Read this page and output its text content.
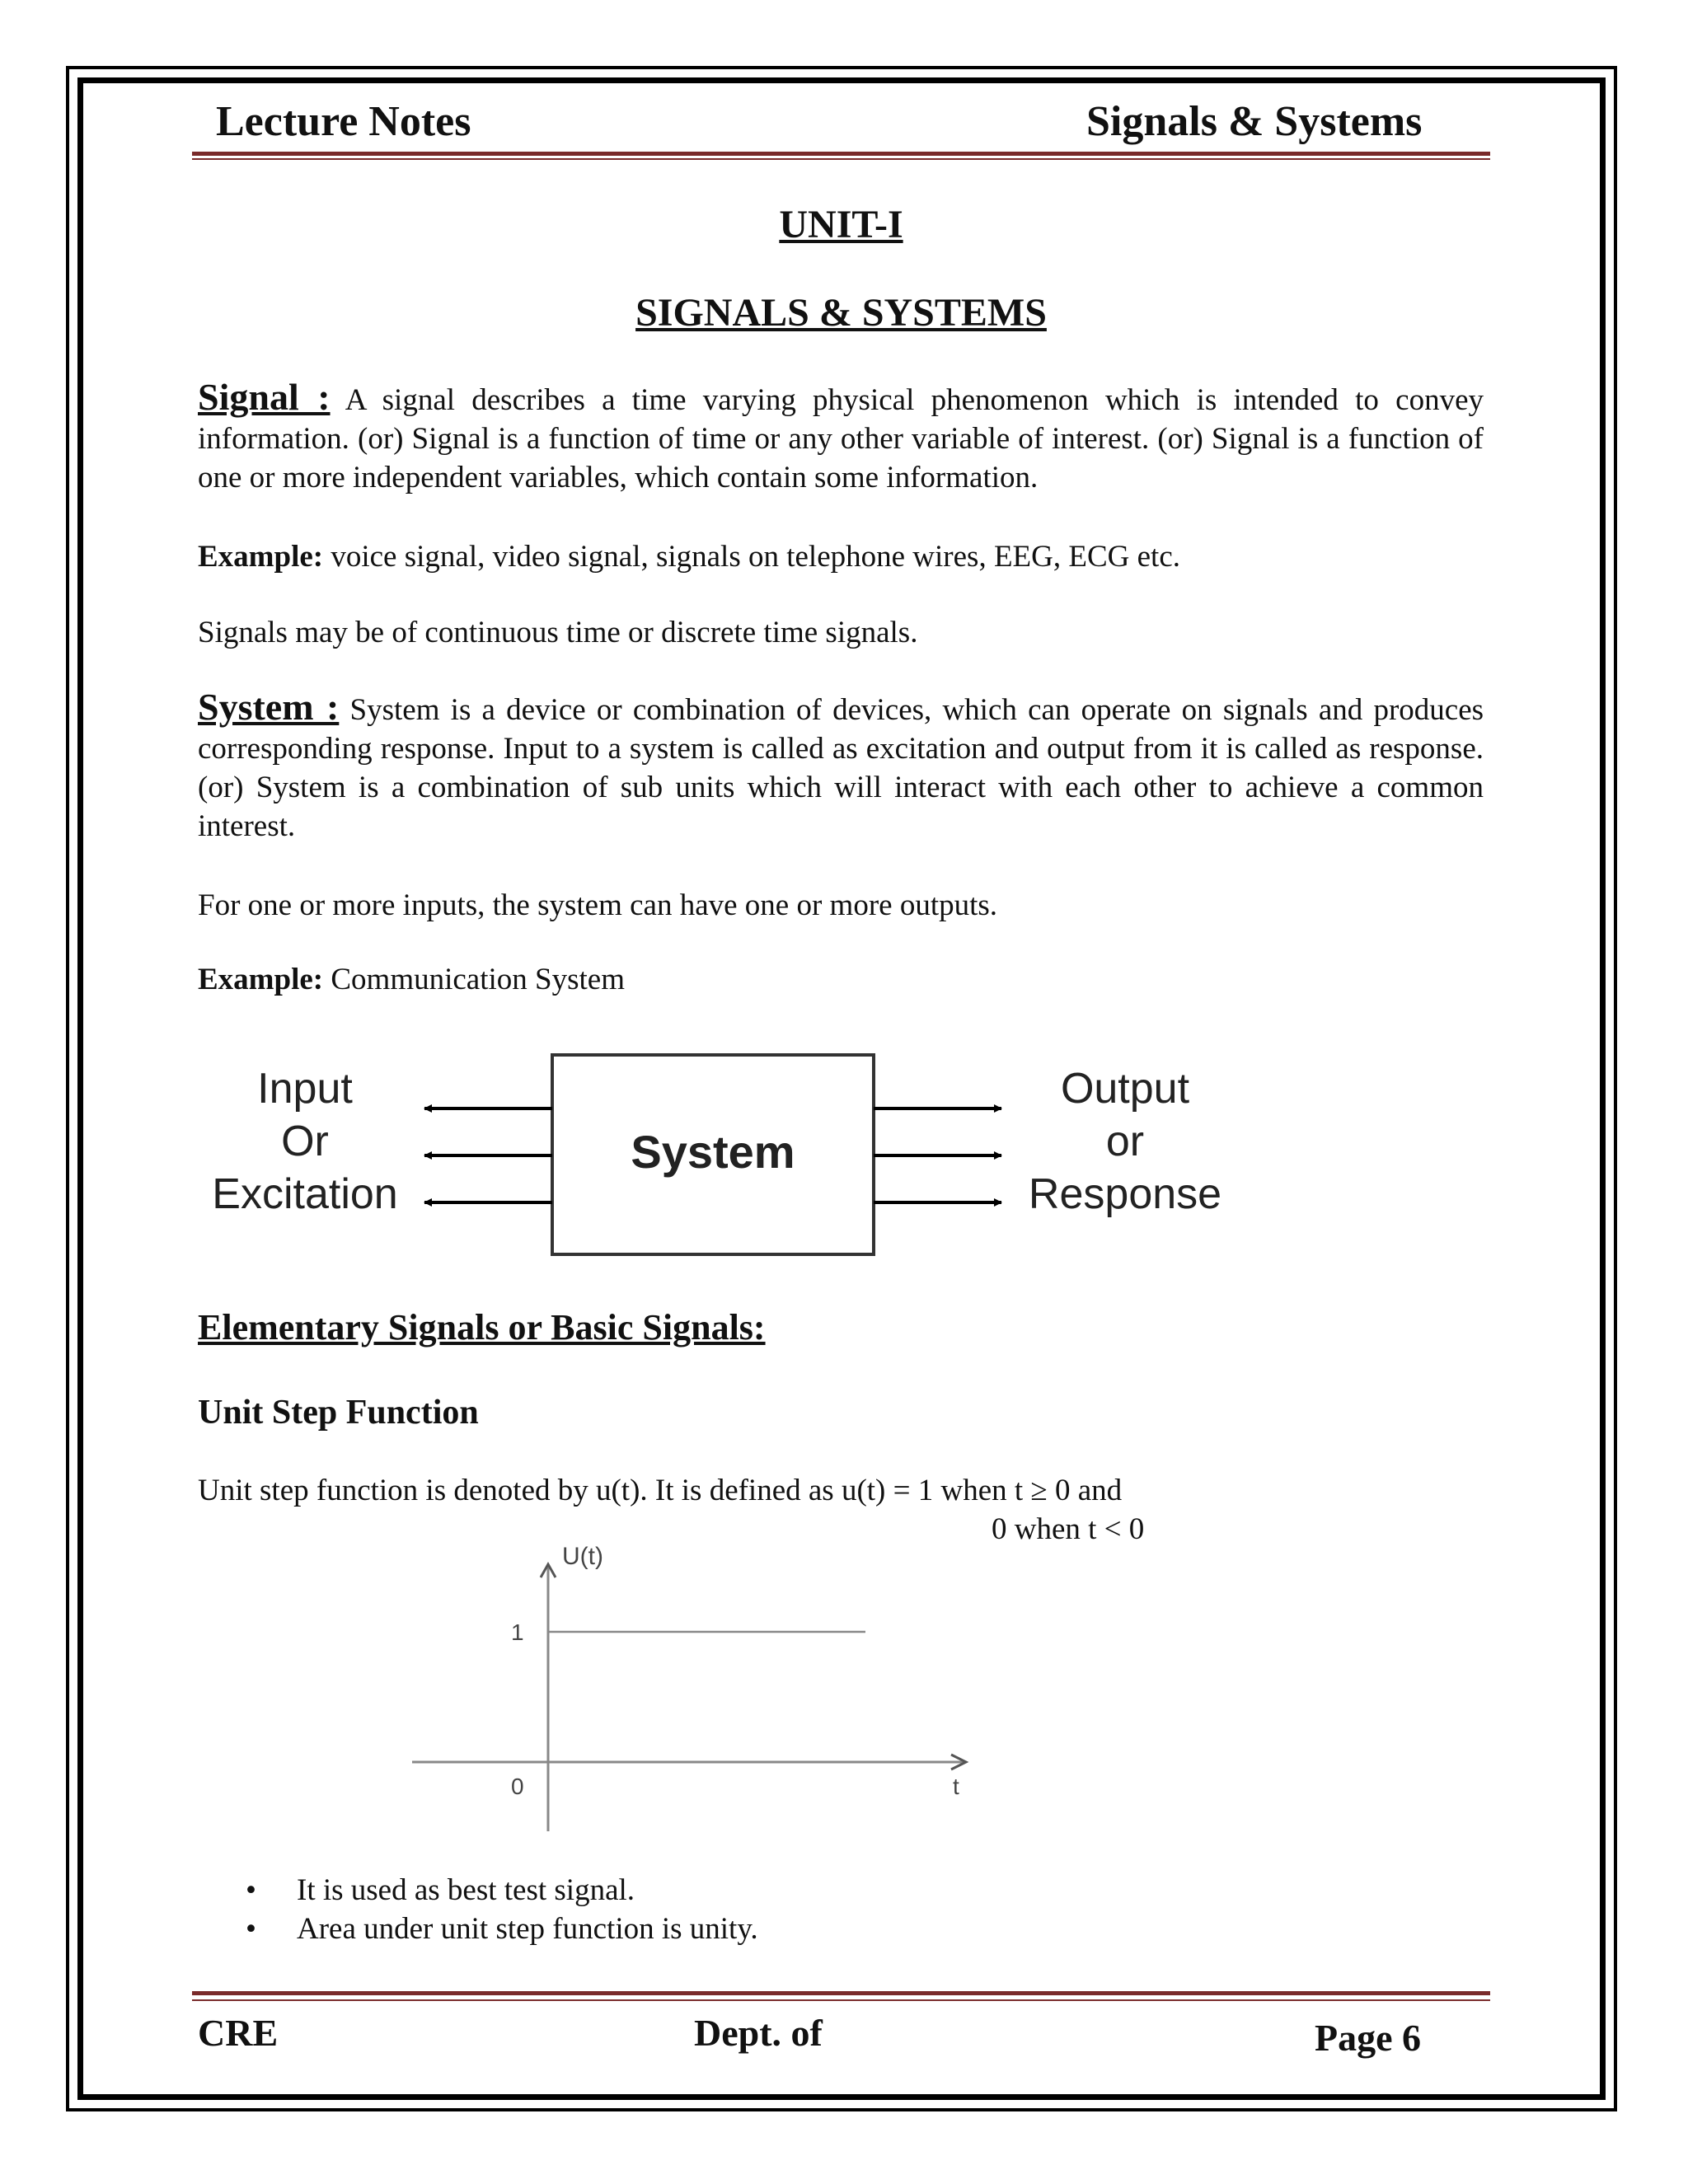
Lecture Notes	Signals & Systems
UNIT-I
SIGNALS & SYSTEMS
Signal : A signal describes a time varying physical phenomenon which is intended to convey information. (or) Signal is a function of time or any other variable of interest. (or) Signal is a function of one or more independent variables, which contain some information.
Example: voice signal, video signal, signals on telephone wires, EEG, ECG etc.
Signals may be of continuous time or discrete time signals.
System : System is a device or combination of devices, which can operate on signals and produces corresponding response. Input to a system is called as excitation and output from it is called as response. (or) System is a combination of sub units which will interact with each other to achieve a common interest.
For one or more inputs, the system can have one or more outputs.
Example: Communication System
System
Input
Or
Excitation
Output
or
Response
Elementary Signals or Basic Signals:
Unit Step Function
Unit step function is denoted by u(t). It is defined as u(t) = 1 when t ≥ 0 and
0 when t < 0
U(t)
1
0	t
• It is used as best test signal.
• Area under unit step function is unity.
CRE	Dept. of	Page 6
